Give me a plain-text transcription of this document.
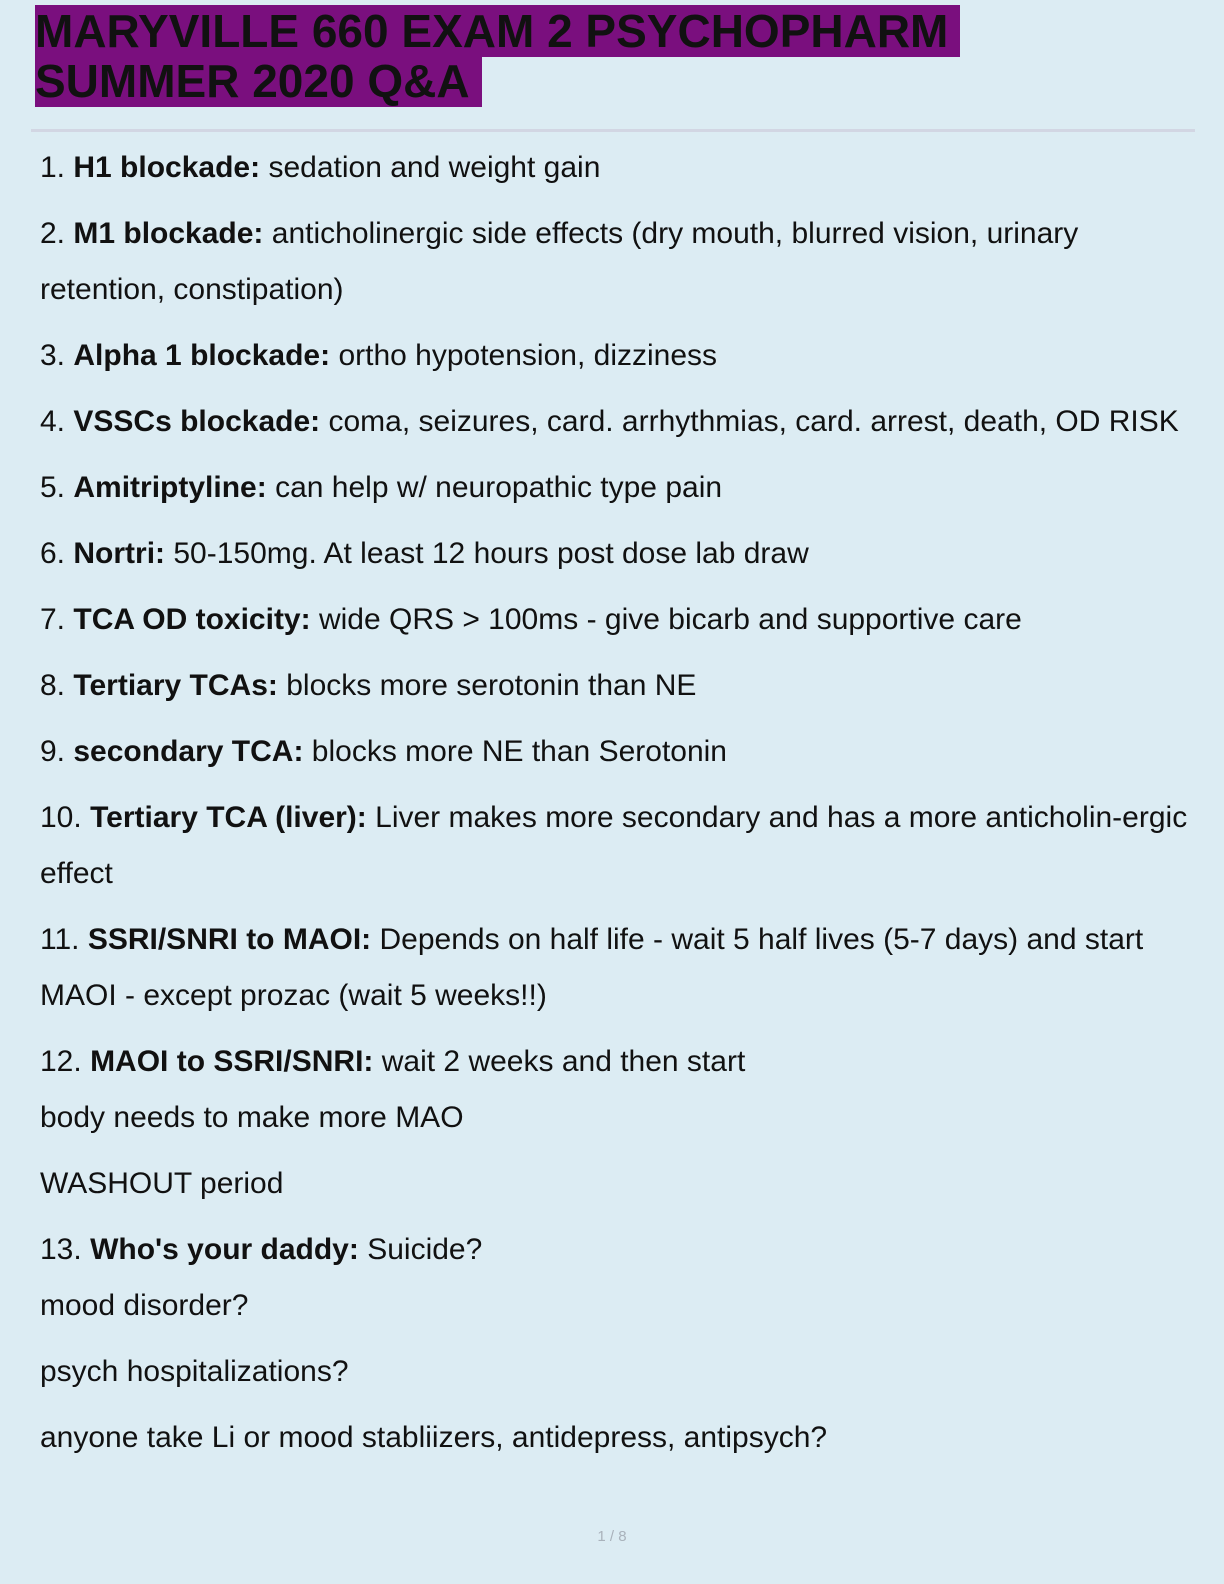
MARYVILLE 660 EXAM 2 PSYCHOPHARM SUMMER 2020 Q&A
1. H1 blockade: sedation and weight gain
2. M1 blockade: anticholinergic side effects (dry mouth, blurred vision, urinary retention, constipation)
3. Alpha 1 blockade: ortho hypotension, dizziness
4. VSSCs blockade: coma, seizures, card. arrhythmias, card. arrest, death, OD RISK
5. Amitriptyline: can help w/ neuropathic type pain
6. Nortri: 50-150mg. At least 12 hours post dose lab draw
7. TCA OD toxicity: wide QRS > 100ms - give bicarb and supportive care
8. Tertiary TCAs: blocks more serotonin than NE
9. secondary TCA: blocks more NE than Serotonin
10. Tertiary TCA (liver): Liver makes more secondary and has a more anticholin-ergic effect
11. SSRI/SNRI to MAOI: Depends on half life - wait 5 half lives (5-7 days) and start MAOI - except prozac (wait 5 weeks!!)
12. MAOI to SSRI/SNRI: wait 2 weeks and then start
body needs to make more MAO
WASHOUT period
13. Who's your daddy: Suicide?
mood disorder?
psych hospitalizations?
anyone take Li or mood stabliizers, antidepress, antipsych?
1 / 8
